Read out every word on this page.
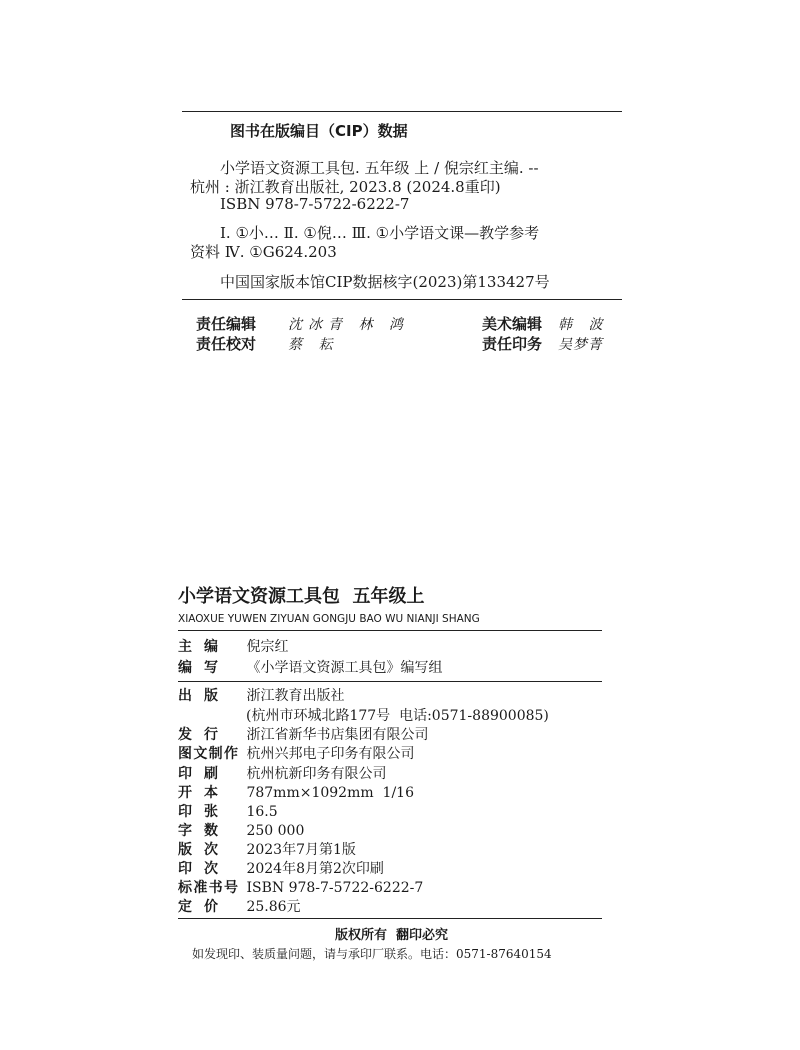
图书在版编目（CIP）数据
小学语文资源工具包. 五年级 上 / 倪宗红主编. --
杭州 : 浙江教育出版社, 2023.8 (2024.8重印)
ISBN 978-7-5722-6222-7
Ⅰ. ①小… Ⅱ. ①倪… Ⅲ. ①小学语文课—教学参考
资料 Ⅳ. ①G624.203
中国国家版本馆CIP数据核字(2023)第133427号
责任编辑 沈冰青 林 鸿	美术编辑 韩 波
责任校对 蔡 耘	责任印务 吴梦菁
小学语文资源工具包  五年级上
XIAOXUE YUWEN ZIYUAN GONGJU BAO WU NIANJI SHANG
主编 倪宗红
编写 《小学语文资源工具包》编写组
出版 浙江教育出版社
(杭州市环城北路177号  电话:0571-88900085)
发行 浙江省新华书店集团有限公司
图文制作 杭州兴邦电子印务有限公司
印刷 杭州杭新印务有限公司
开本 787mm×1092mm  1/16
印张 16.5
字数 250 000
版次 2023年7月第1版
印次 2024年8月第2次印刷
标准书号 ISBN 978-7-5722-6222-7
定价 25.86元
版权所有  翻印必究
如发现印、装质量问题，请与承印厂联系。电话：0571-87640154
